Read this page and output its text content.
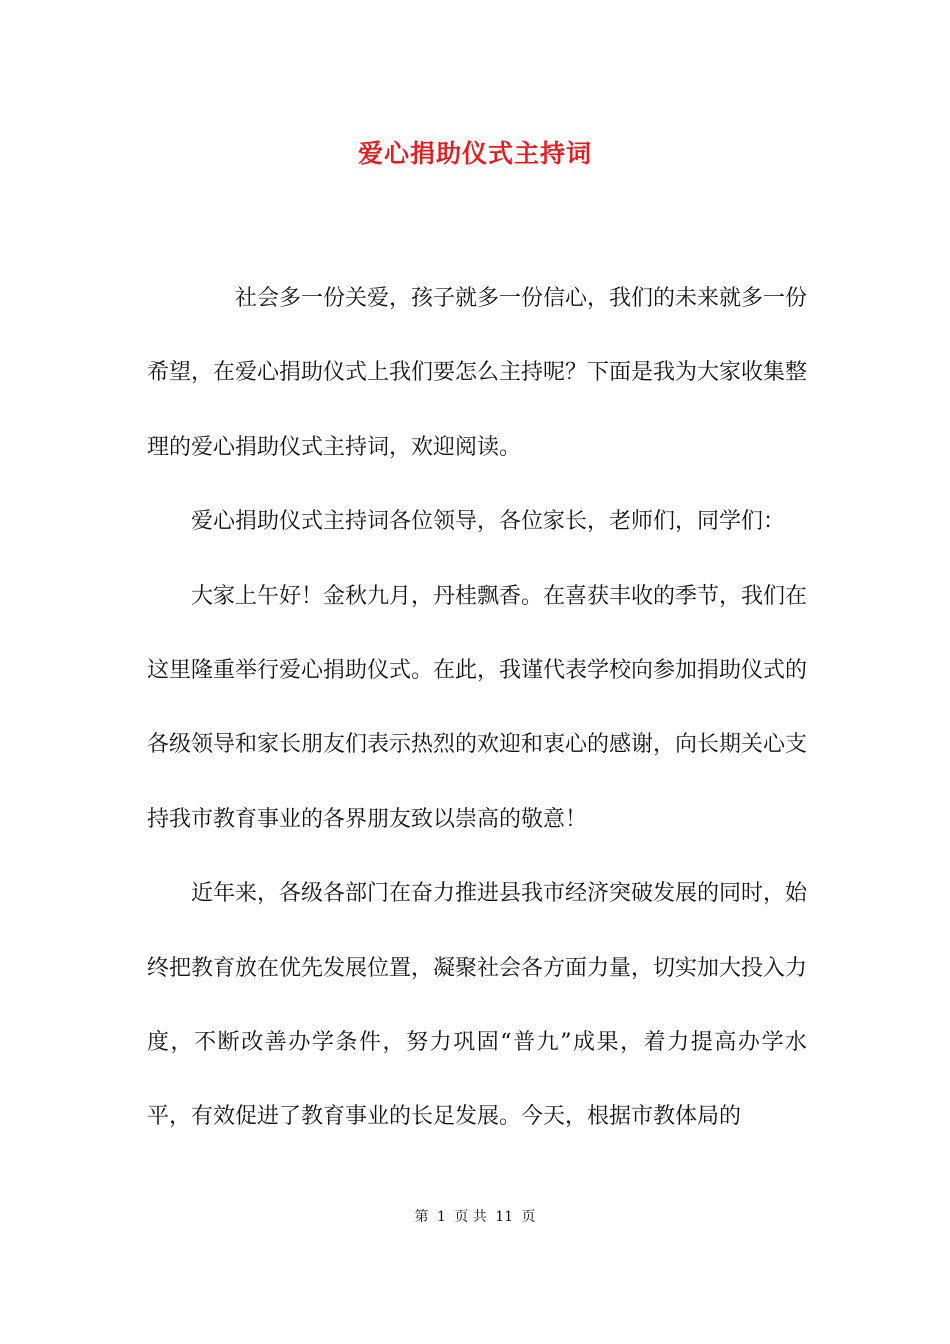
爱心捐助仪式主持词

社会多一份关爱，孩子就多一份信心，我们的未来就多一份希望，在爱心捐助仪式上我们要怎么主持呢？下面是我为大家收集整理的爱心捐助仪式主持词，欢迎阅读。

爱心捐助仪式主持词各位领导，各位家长，老师们，同学们：

大家上午好！金秋九月，丹桂飘香。在喜获丰收的季节，我们在这里隆重举行爱心捐助仪式。在此，我谨代表学校向参加捐助仪式的各级领导和家长朋友们表示热烈的欢迎和衷心的感谢，向长期关心支持我市教育事业的各界朋友致以崇高的敬意！

近年来，各级各部门在奋力推进县我市经济突破发展的同时，始终把教育放在优先发展位置，凝聚社会各方面力量，切实加大投入力度，不断改善办学条件，努力巩固“普九”成果，着力提高办学水平，有效促进了教育事业的长足发展。今天，根据市教体局的

第 1 页 共 11 页
